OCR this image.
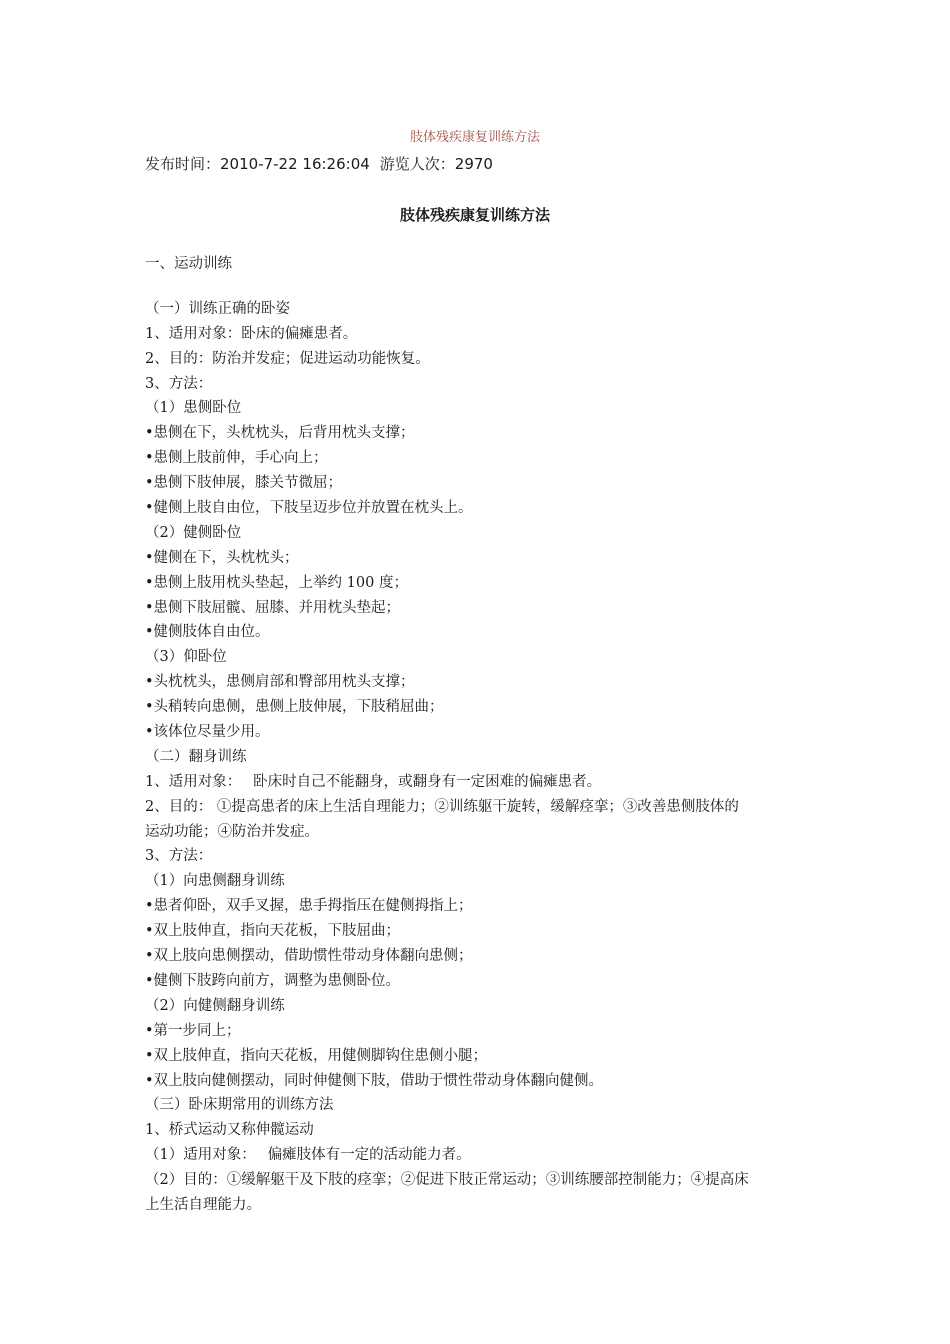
肢体残疾康复训练方法
发布时间：2010-7-22 16:26:04 游览人次：2970
肢体残疾康复训练方法
一、运动训练
（一）训练正确的卧姿
1、适用对象：卧床的偏瘫患者。
2、目的：防治并发症；促进运动功能恢复。
3、方法：
（1）患侧卧位
•患侧在下，头枕枕头，后背用枕头支撑；
•患侧上肢前伸，手心向上；
•患侧下肢伸展，膝关节微屈；
•健侧上肢自由位，下肢呈迈步位并放置在枕头上。
（2）健侧卧位
•健侧在下，头枕枕头；
•患侧上肢用枕头垫起，上举约 100 度；
•患侧下肢屈髋、屈膝、并用枕头垫起；
•健侧肢体自由位。
（3）仰卧位
•头枕枕头，患侧肩部和臀部用枕头支撑；
•头稍转向患侧，患侧上肢伸展，下肢稍屈曲；
•该体位尽量少用。
（二）翻身训练
1、适用对象：　 卧床时自己不能翻身，或翻身有一定困难的偏瘫患者。
2、目的： ①提高患者的床上生活自理能力；②训练躯干旋转，缓解痉挛；③改善患侧肢体的
运动功能；④防治并发症。
3、方法：
（1）向患侧翻身训练
•患者仰卧，双手叉握，患手拇指压在健侧拇指上；
•双上肢伸直，指向天花板，下肢屈曲；
•双上肢向患侧摆动，借助惯性带动身体翻向患侧；
•健侧下肢跨向前方，调整为患侧卧位。
（2）向健侧翻身训练
•第一步同上；
•双上肢伸直，指向天花板，用健侧脚钩住患侧小腿；
•双上肢向健侧摆动，同时伸健侧下肢，借助于惯性带动身体翻向健侧。
（三）卧床期常用的训练方法
1、桥式运动又称伸髋运动
（1）适用对象：　 偏瘫肢体有一定的活动能力者。
（2）目的：①缓解躯干及下肢的痉挛；②促进下肢正常运动；③训练腰部控制能力；④提高床
上生活自理能力。
